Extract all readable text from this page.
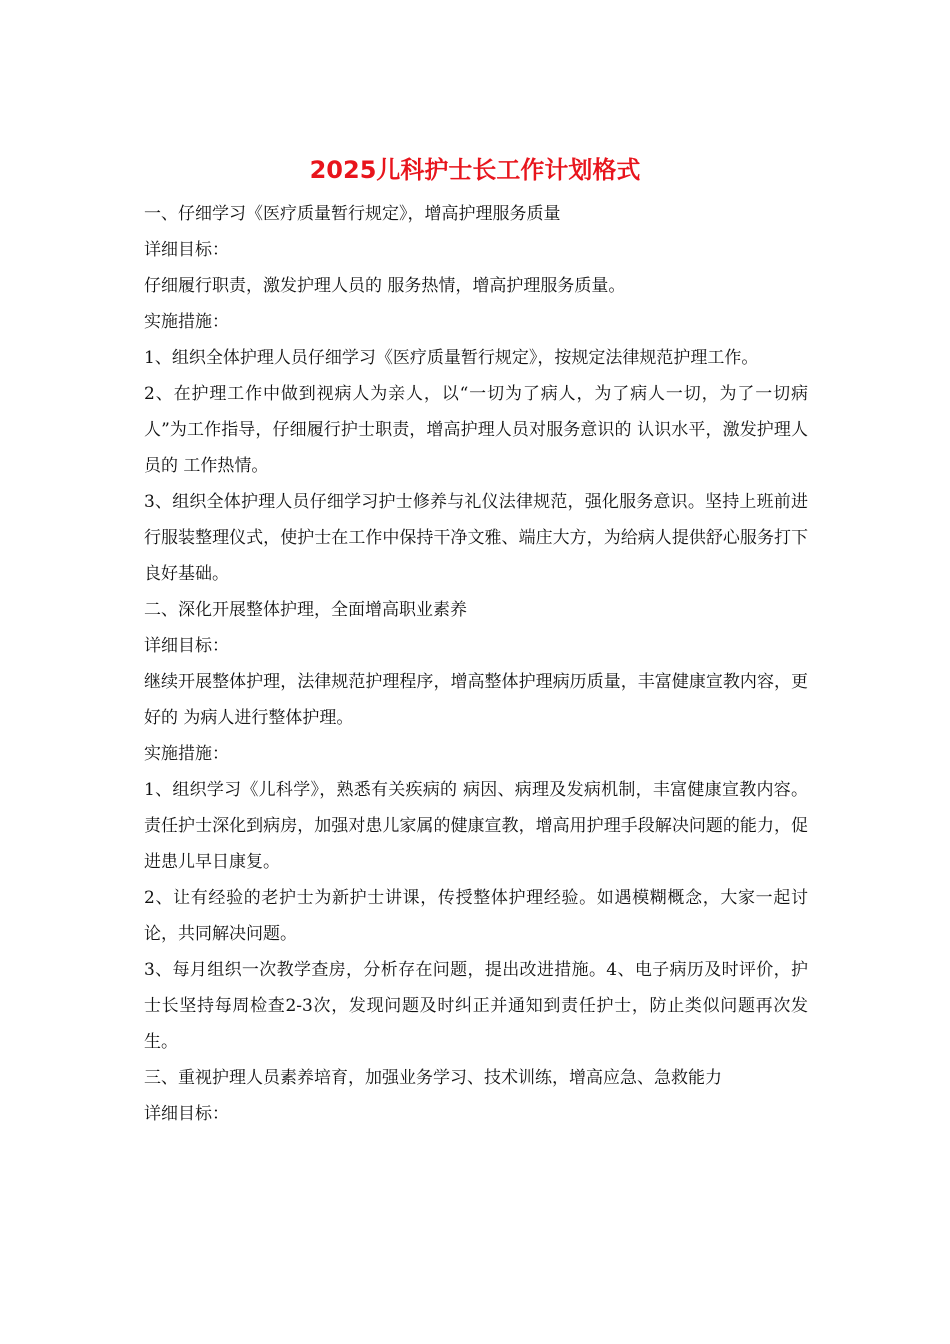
2025儿科护士长工作计划格式

一、仔细学习《医疗质量暂行规定》，增高护理服务质量

详细目标：

仔细履行职责，激发护理人员的 服务热情，增高护理服务质量。

实施措施：

1、组织全体护理人员仔细学习《医疗质量暂行规定》，按规定法律规范护理工作。

2、在护理工作中做到视病人为亲人，以“一切为了病人，为了病人一切，为了一切病人”为工作指导，仔细履行护士职责，增高护理人员对服务意识的 认识水平，激发护理人员的 工作热情。

3、组织全体护理人员仔细学习护士修养与礼仪法律规范，强化服务意识。坚持上班前进行服装整理仪式，使护士在工作中保持干净文雅、端庄大方，为给病人提供舒心服务打下良好基础。

二、深化开展整体护理，全面增高职业素养

详细目标：

继续开展整体护理，法律规范护理程序，增高整体护理病历质量，丰富健康宣教内容，更好的 为病人进行整体护理。

实施措施：

1、组织学习《儿科学》，熟悉有关疾病的 病因、病理及发病机制，丰富健康宣教内容。责任护士深化到病房，加强对患儿家属的健康宣教，增高用护理手段解决问题的能力，促进患儿早日康复。

2、让有经验的老护士为新护士讲课，传授整体护理经验。如遇模糊概念，大家一起讨论，共同解决问题。

3、每月组织一次教学查房，分析存在问题，提出改进措施。4、电子病历及时评价，护士长坚持每周检查2-3次，发现问题及时纠正并通知到责任护士，防止类似问题再次发生。

三、重视护理人员素养培育，加强业务学习、技术训练，增高应急、急救能力

详细目标：
